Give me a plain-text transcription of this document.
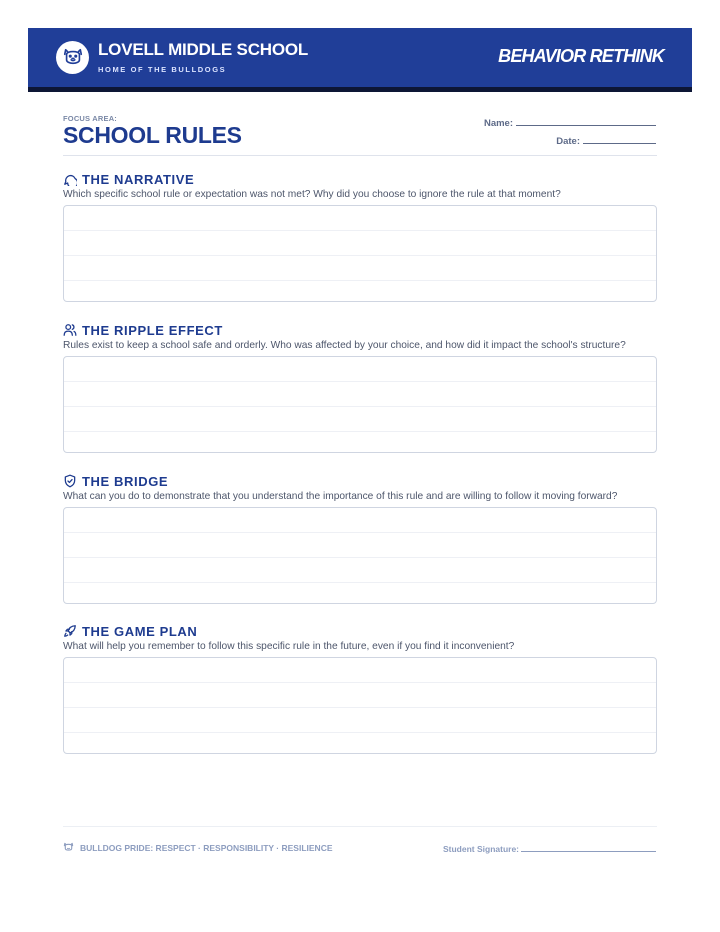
LOVELL MIDDLE SCHOOL
HOME OF THE BULLDOGS
BEHAVIOR RETHINK
FOCUS AREA:
SCHOOL RULES	Name:
Date:
THE NARRATIVE
Which specific school rule or expectation was not met? Why did you choose to ignore the rule at that moment?
THE RIPPLE EFFECT
Rules exist to keep a school safe and orderly. Who was affected by your choice, and how did it impact the school's structure?
THE BRIDGE
What can you do to demonstrate that you understand the importance of this rule and are willing to follow it moving forward?
THE GAME PLAN
What will help you remember to follow this specific rule in the future, even if you find it inconvenient?
BULLDOG PRIDE: RESPECT · RESPONSIBILITY · RESILIENCE	Student Signature:
